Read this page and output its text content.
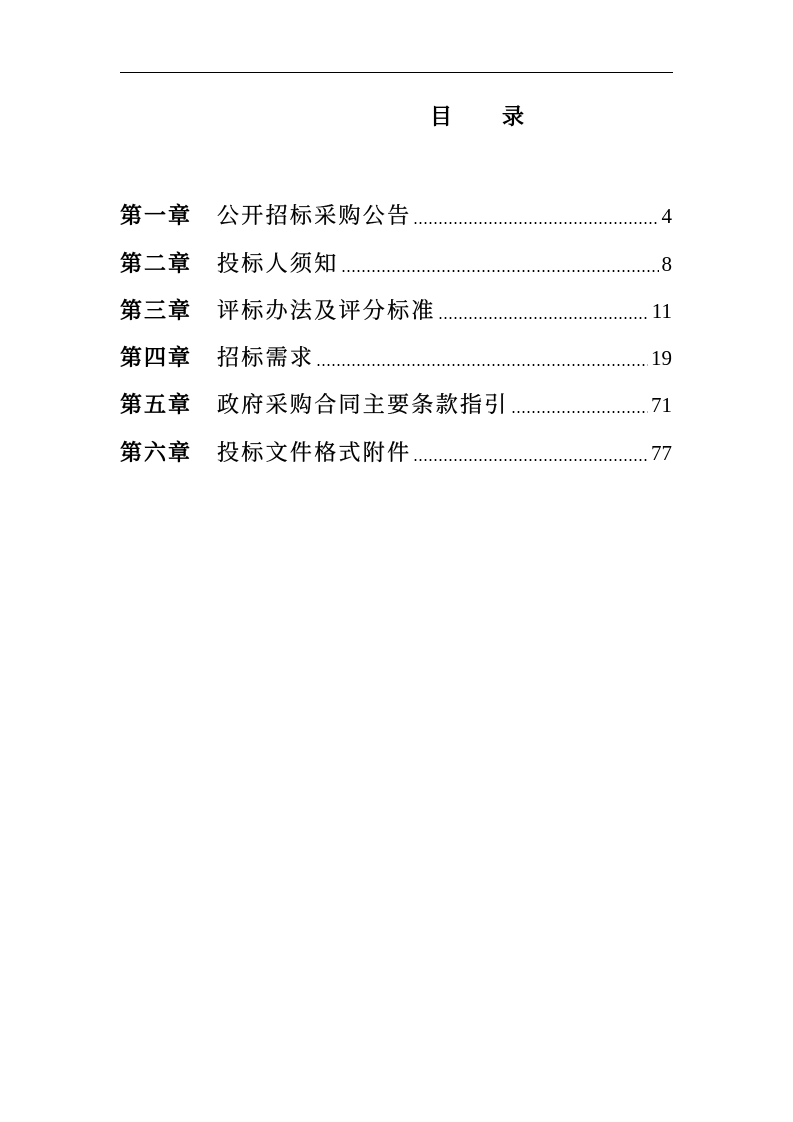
目录
第一章	公开招标采购公告	4
第二章	投标人须知	8
第三章	评标办法及评分标准	11
第四章	招标需求	19
第五章	政府采购合同主要条款指引	71
第六章	投标文件格式附件	77
